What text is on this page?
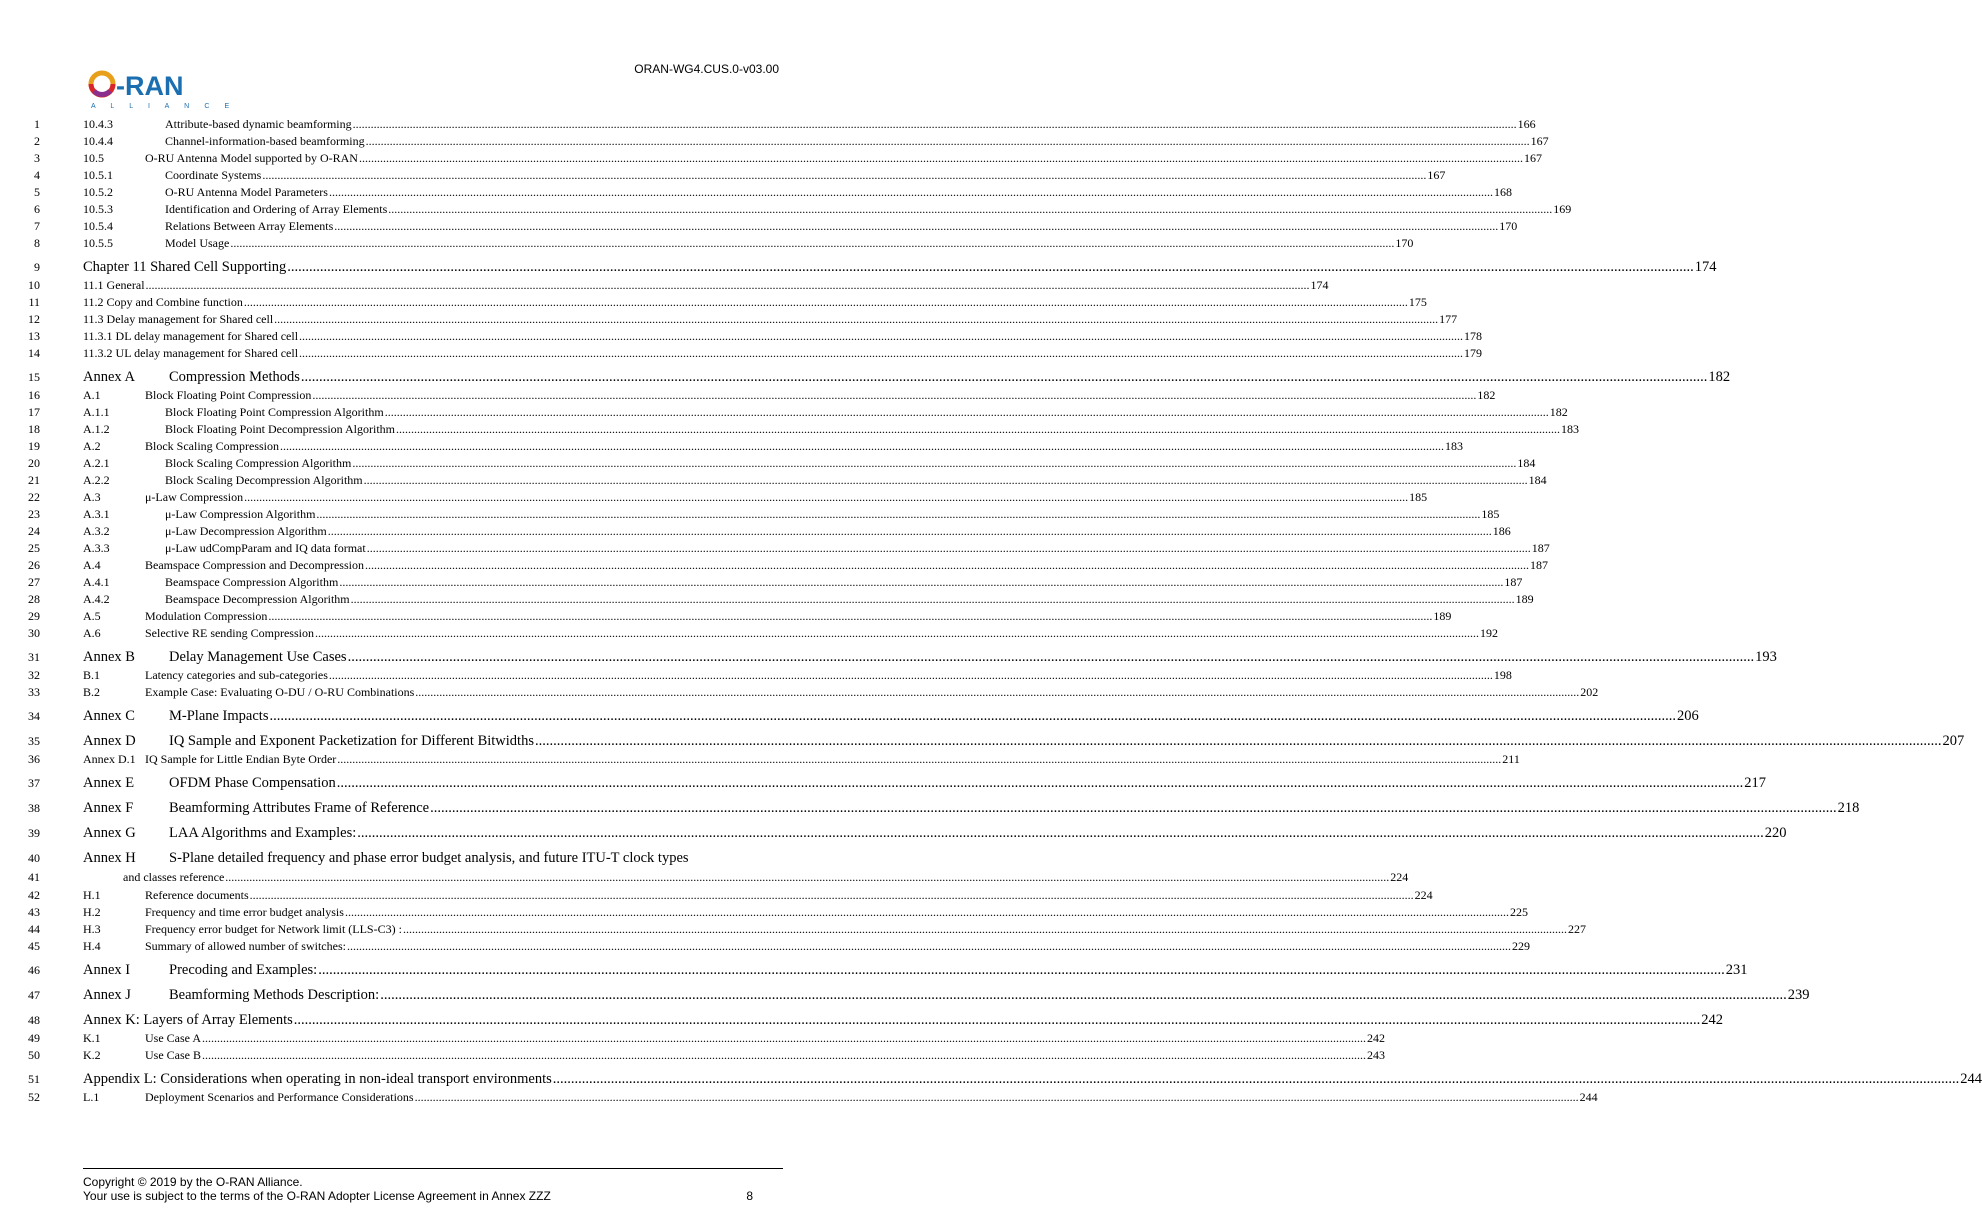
ORAN-WG4.CUS.0-v03.00
-RAN
A L L I A N C E
1	10.4.3	Attribute-based dynamic beamforming .....	166
2	10.4.4	Channel-information-based beamforming .....	167
3	10.5	O-RU Antenna Model supported by O-RAN .....	167
4	10.5.1	Coordinate Systems .....	167
5	10.5.2	O-RU Antenna Model Parameters .....	168
6	10.5.3	Identification and Ordering of Array Elements .....	169
7	10.5.4	Relations Between Array Elements .....	170
8	10.5.5	Model Usage .....	170
9	Chapter 11 Shared Cell Supporting .....	174
10	11.1 General .....	174
11	11.2 Copy and Combine function .....	175
12	11.3 Delay management for Shared cell .....	177
13	11.3.1 DL delay management for Shared cell .....	178
14	11.3.2 UL delay management for Shared cell .....	179
15	Annex A	Compression Methods .....	182
16	A.1	Block Floating Point Compression .....	182
17	A.1.1	Block Floating Point Compression Algorithm .....	182
18	A.1.2	Block Floating Point Decompression Algorithm .....	183
19	A.2	Block Scaling Compression .....	183
20	A.2.1	Block Scaling Compression Algorithm .....	184
21	A.2.2	Block Scaling Decompression Algorithm .....	184
22	A.3	μ-Law Compression .....	185
23	A.3.1	μ-Law Compression Algorithm .....	185
24	A.3.2	μ-Law Decompression Algorithm .....	186
25	A.3.3	μ-Law udCompParam and IQ data format .....	187
26	A.4	Beamspace Compression and Decompression .....	187
27	A.4.1	Beamspace Compression Algorithm .....	187
28	A.4.2	Beamspace Decompression Algorithm .....	189
29	A.5	Modulation Compression .....	189
30	A.6	Selective RE sending Compression .....	192
31	Annex B	Delay Management Use Cases .....	193
32	B.1	Latency categories and sub-categories .....	198
33	B.2	Example Case: Evaluating O-DU / O-RU Combinations .....	202
34	Annex C	M-Plane Impacts .....	206
35	Annex D	IQ Sample and Exponent Packetization for Different Bitwidths .....	207
36	Annex D.1 IQ Sample for Little Endian Byte Order .....	211
37	Annex E	OFDM Phase Compensation .....	217
38	Annex F	Beamforming Attributes Frame of Reference .....	218
39	Annex G	LAA Algorithms and Examples: .....	220
40	Annex H	S-Plane detailed frequency and phase error budget analysis, and future ITU-T clock types
41	and classes reference .....	224
42	H.1	Reference documents .....	224
43	H.2	Frequency and time error budget analysis .....	225
44	H.3	Frequency error budget for Network limit (LLS-C3) : .....	227
45	H.4	Summary of allowed number of switches: .....	229
46	Annex I	Precoding and Examples: .....	231
47	Annex J	Beamforming Methods Description: .....	239
48	Annex K: Layers of Array Elements .....	242
49	K.1	Use Case A .....	242
50	K.2	Use Case B .....	243
51	Appendix L: Considerations when operating in non-ideal transport environments .....	244
52	L.1	Deployment Scenarios and Performance Considerations .....	244
Copyright © 2019 by the O-RAN Alliance.
Your use is subject to the terms of the O-RAN Adopter License Agreement in Annex ZZZ	8
